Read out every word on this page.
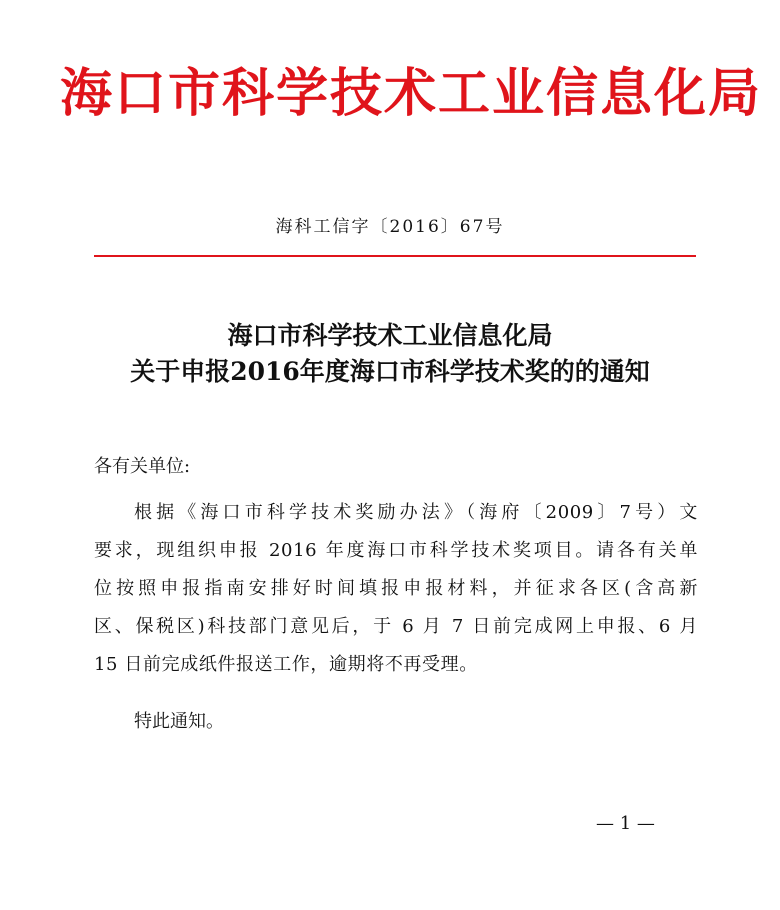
海口市科学技术工业信息化局
海科工信字〔2016〕67号
海口市科学技术工业信息化局
关于申报2016年度海口市科学技术奖的的通知
各有关单位:
根据《海口市科学技术奖励办法》（海府〔2009〕7号）文
要求，现组织申报 2016 年度海口市科学技术奖项目。请各有关单
位按照申报指南安排好时间填报申报材料，并征求各区(含高新
区、保税区)科技部门意见后，于 6 月 7 日前完成网上申报、6 月
15 日前完成纸件报送工作，逾期将不再受理。
特此通知。
— 1 —
